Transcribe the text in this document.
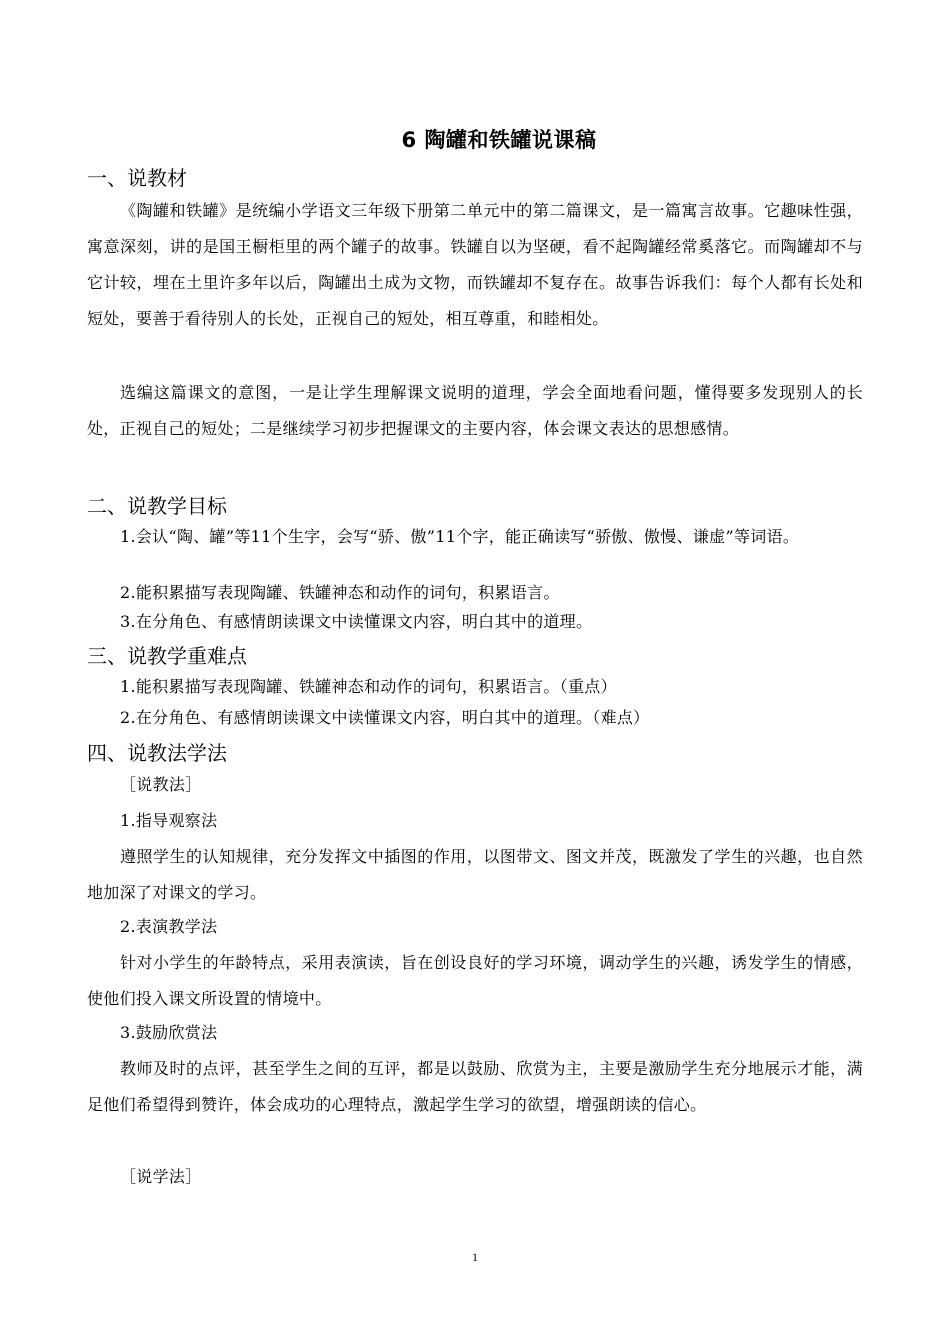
6 陶罐和铁罐说课稿
一、说教材
《陶罐和铁罐》是统编小学语文三年级下册第二单元中的第二篇课文，是一篇寓言故事。它趣味性强，寓意深刻，讲的是国王橱柜里的两个罐子的故事。铁罐自以为坚硬，看不起陶罐经常奚落它。而陶罐却不与它计较，埋在土里许多年以后，陶罐出土成为文物，而铁罐却不复存在。故事告诉我们：每个人都有长处和短处，要善于看待别人的长处，正视自己的短处，相互尊重，和睦相处。
选编这篇课文的意图，一是让学生理解课文说明的道理，学会全面地看问题，懂得要多发现别人的长处，正视自己的短处；二是继续学习初步把握课文的主要内容，体会课文表达的思想感情。
二、说教学目标
1.会认“陶、罐”等11个生字，会写“骄、傲”11个字，能正确读写“骄傲、傲慢、谦虚”等词语。
2.能积累描写表现陶罐、铁罐神态和动作的词句，积累语言。
3.在分角色、有感情朗读课文中读懂课文内容，明白其中的道理。
三、说教学重难点
1.能积累描写表现陶罐、铁罐神态和动作的词句，积累语言。（重点）
2.在分角色、有感情朗读课文中读懂课文内容，明白其中的道理。（难点）
四、说教法学法
［说教法］
1.指导观察法
遵照学生的认知规律，充分发挥文中插图的作用，以图带文、图文并茂，既激发了学生的兴趣，也自然地加深了对课文的学习。
2.表演教学法
针对小学生的年龄特点，采用表演读，旨在创设良好的学习环境，调动学生的兴趣，诱发学生的情感，使他们投入课文所设置的情境中。
3.鼓励欣赏法
教师及时的点评，甚至学生之间的互评，都是以鼓励、欣赏为主，主要是激励学生充分地展示才能，满足他们希望得到赞许，体会成功的心理特点，激起学生学习的欲望，增强朗读的信心。
［说学法］
1
